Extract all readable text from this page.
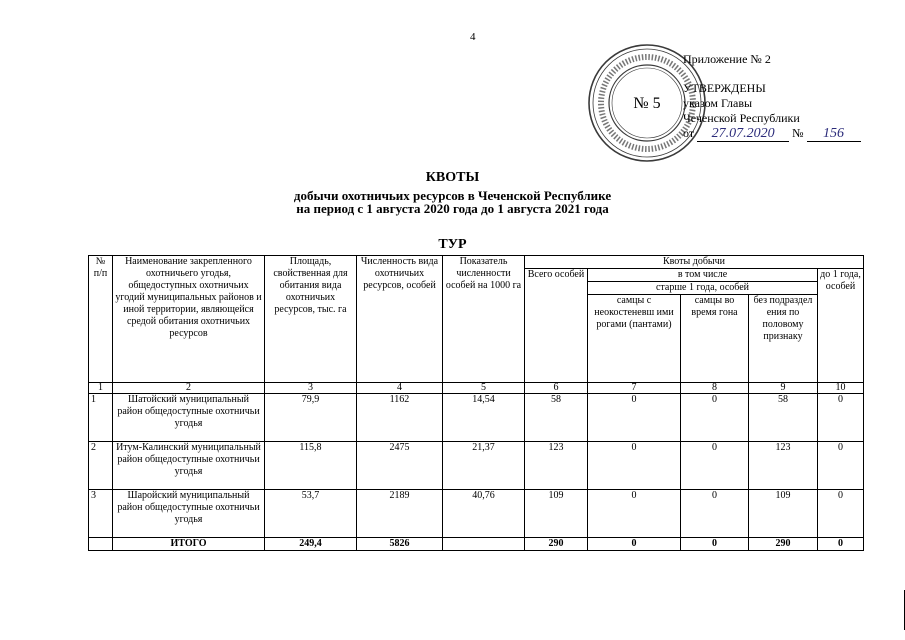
4
№ 5
Приложение № 2
УТВЕРЖДЕНЫ
указом Главы
Чеченской Республики
от 27.07.2020 № 156
КВОТЫ
добычи охотничьих ресурсов в Чеченской Республике
на период с 1 августа 2020 года до 1 августа 2021 года
ТУР
№ п/п	Наименование закрепленного охотничьего угодья, общедоступных охотничьих угодий муниципальных районов и иной территории, являющейся средой обитания охотничьих ресурсов	Площадь, свойственная для обитания вида охотничьих ресурсов, тыс. га	Численность вида охотничьих ресурсов, особей	Показатель численности особей на 1000 га	Квоты добычи				
					Всего особей	в том числе			до 1 года, особей
						старше 1 года, особей			
						самцы с неокостеневш ими рогами (пантами)	самцы во время гона	без подраздел ения по половому признаку	
1	2	3	4	5	6	7	8	9	10
1	Шатойский муниципальный район общедоступные охотничьи угодья	79,9	1162	14,54	58	0	0	58	0
2	Итум-Калинский муниципальный район общедоступные охотничьи угодья	115,8	2475	21,37	123	0	0	123	0
3	Шаройский муниципальный район общедоступные охотничьи угодья	53,7	2189	40,76	109	0	0	109	0
	ИТОГО	249,4	5826		290	0	0	290	0
